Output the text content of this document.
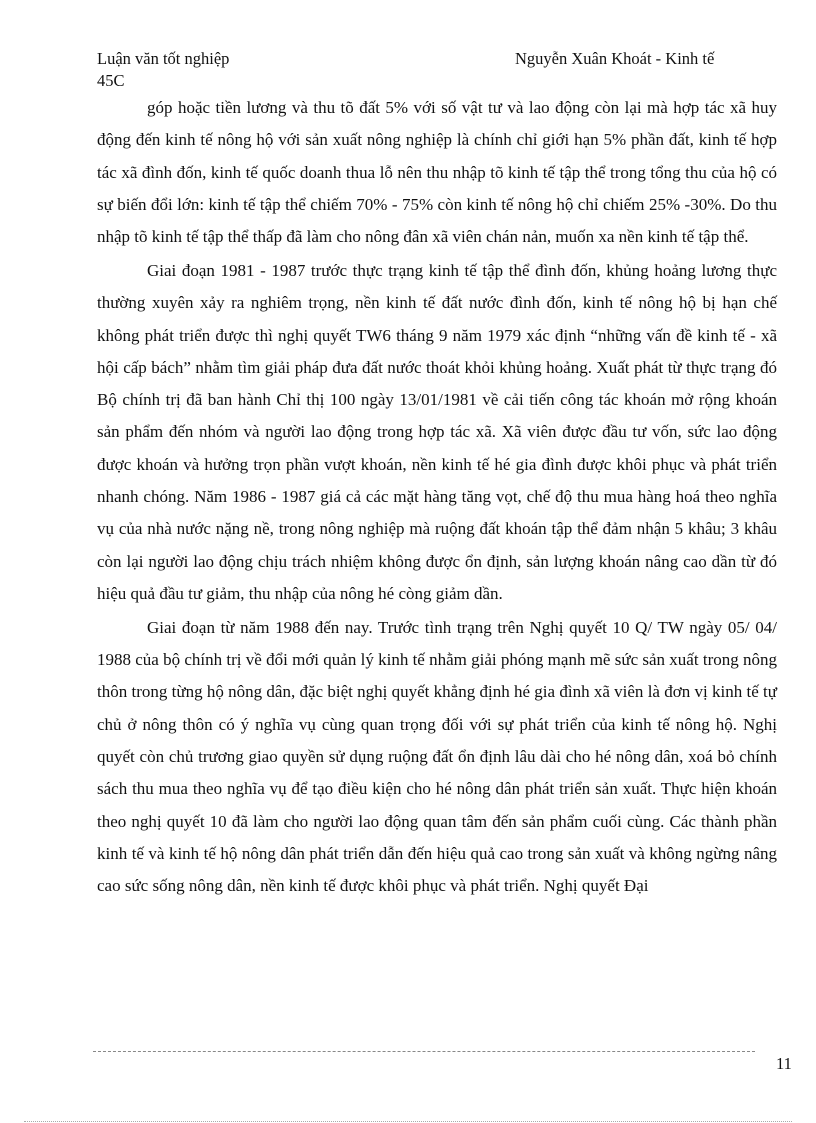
Luận văn tốt nghiệp	Nguyễn Xuân Khoát - Kinh tế
45C

góp hoặc tiền lương và thu tõ đất 5% với số vật tư và lao động còn lại mà hợp tác xã huy động đến kinh tế nông hộ với sản xuất nông nghiệp là chính chỉ giới hạn 5% phần đất, kinh tế hợp tác xã đình đốn, kinh tế quốc doanh thua lỗ nên thu nhập tõ kinh tế tập thể trong tổng thu của hộ có sự biến đổi lớn: kinh tế tập thể chiếm 70% - 75% còn kinh tế nông hộ chỉ chiếm 25% -30%. Do thu nhập tõ kinh tế tập thể thấp đã làm cho nông đân xã viên chán nản, muốn xa nền kinh tế tập thể.

Giai đoạn 1981 - 1987 trước thực trạng kinh tế tập thể đình đốn, khủng hoảng lương thực thường xuyên xảy ra nghiêm trọng, nền kinh tế đất nước đình đốn, kinh tế nông hộ bị hạn chế không phát triển được thì nghị quyết TW6 tháng 9 năm 1979 xác định “những vấn đề kinh tế - xã hội cấp bách” nhằm tìm giải pháp đưa đất nước thoát khỏi khủng hoảng. Xuất phát từ thực trạng đó Bộ chính trị đã ban hành Chỉ thị 100 ngày 13/01/1981 về cải tiến công tác khoán mở rộng khoán sản phẩm đến nhóm và người lao động trong hợp tác xã. Xã viên được đầu tư vốn, sức lao động được khoán và hưởng trọn phần vượt khoán, nền kinh tế hé gia đình được khôi phục và phát triển nhanh chóng. Năm 1986 - 1987 giá cả các mặt hàng tăng vọt, chế độ thu mua hàng hoá theo nghĩa vụ của nhà nước nặng nề, trong nông nghiệp mà ruộng đất khoán tập thể đảm nhận 5 khâu; 3 khâu còn lại người lao động chịu trách nhiệm không được ổn định, sản lượng khoán nâng cao dần từ đó hiệu quả đầu tư giảm, thu nhập của nông hé còng giảm dần.

Giai đoạn từ năm 1988 đến nay. Trước tình trạng trên Nghị quyết 10 Q/ TW ngày 05/ 04/ 1988 của bộ chính trị về đổi mới quản lý kinh tế nhằm giải phóng mạnh mẽ sức sản xuất trong nông thôn trong từng hộ nông dân, đặc biệt nghị quyết khẳng định hé gia đình xã viên là đơn vị kinh tế tự chủ ở nông thôn có ý nghĩa vụ cùng quan trọng đối với sự phát triển của kinh tế nông hộ. Nghị quyết còn chủ trương giao quyền sử dụng ruộng đất ổn định lâu dài cho hé nông dân, xoá bỏ chính sách thu mua theo nghĩa vụ để tạo điều kiện cho hé nông dân phát triển sản xuất. Thực hiện khoán theo nghị quyết 10 đã làm cho người lao động quan tâm đến sản phẩm cuối cùng. Các thành phần kinh tế và kinh tế hộ nông dân phát triển dẫn đến hiệu quả cao trong sản xuất và không ngừng nâng cao sức sống nông dân, nền kinh tế được khôi phục và phát triển. Nghị quyết Đại

11
